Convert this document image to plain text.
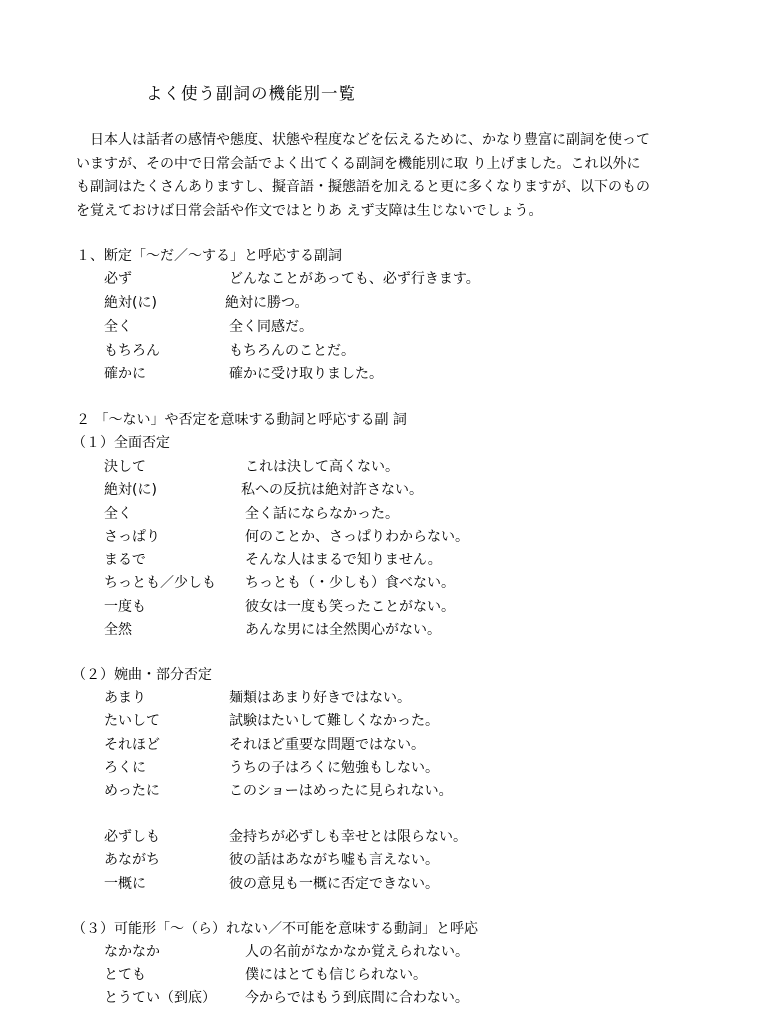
よく使う副詞の機能別一覧

日本人は話者の感情や態度、状態や程度などを伝えるために、かなり豊富に副詞を使って

いますが、その中で日常会話でよく出てくる副詞を機能別に取 り上げました。これ以外に

も副詞はたくさんありますし、擬音語・擬態語を加えると更に多くなりますが、以下のもの

を覚えておけば日常会話や作文ではとりあ えず支障は生じないでしょう。

１、断定「〜だ／〜する」と呼応する副詞
必ず	どんなことがあっても、必ず行きます。
絶対(に)	絶対に勝つ。
全く	全く同感だ。
もちろん	もちろんのことだ。
確かに	確かに受け取りました。
２ 「〜ない」や否定を意味する動詞と呼応する副 詞
（１）全面否定
決して	これは決して高くない。
絶対(に)	私への反抗は絶対許さない。
全く	全く話にならなかった。
さっぱり	何のことか、さっぱりわからない。
まるで	そんな人はまるで知りません。
ちっとも／少しも ちっとも（・少しも）食べない。
一度も	彼女は一度も笑ったことがない。
全然	あんな男には全然関心がない。
（２）婉曲・部分否定
あまり	麺類はあまり好きではない。
たいして	試験はたいして難しくなかった。
それほど	それほど重要な問題ではない。
ろくに	うちの子はろくに勉強もしない。
めったに	このショーはめったに見られない。
必ずしも	金持ちが必ずしも幸せとは限らない。
あながち	彼の話はあながち嘘も言えない。
一概に	彼の意見も一概に否定できない。
（３）可能形「〜（ら）れない／不可能を意味する動詞」と呼応
なかなか	人の名前がなかなか覚えられない。
とても	僕にはとても信じられない。
とうてい（到底） 今からではもう到底間に合わない。
